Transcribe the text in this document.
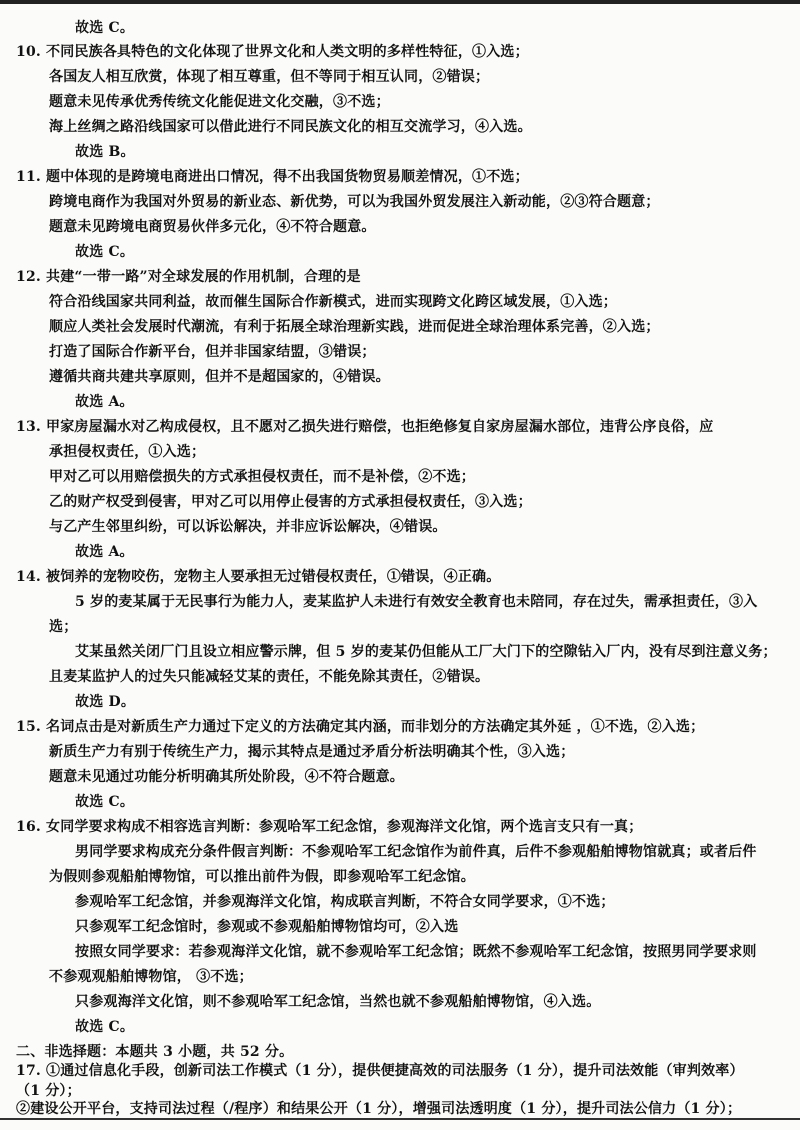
故选 C。
10. 不同民族各具特色的文化体现了世界文化和人类文明的多样性特征，①入选；
各国友人相互欣赏，体现了相互尊重，但不等同于相互认同，②错误；
题意未见传承优秀传统文化能促进文化交融，③不选；
海上丝绸之路沿线国家可以借此进行不同民族文化的相互交流学习，④入选。
故选 B。
11. 题中体现的是跨境电商进出口情况，得不出我国货物贸易顺差情况，①不选；
跨境电商作为我国对外贸易的新业态、新优势，可以为我国外贸发展注入新动能，②③符合题意；
题意未见跨境电商贸易伙伴多元化，④不符合题意。
故选 C。
12. 共建“一带一路”对全球发展的作用机制，合理的是
符合沿线国家共同利益，故而催生国际合作新模式，进而实现跨文化跨区域发展，①入选；
顺应人类社会发展时代潮流，有利于拓展全球治理新实践，进而促进全球治理体系完善，②入选；
打造了国际合作新平台，但并非国家结盟，③错误；
遵循共商共建共享原则，但并不是超国家的，④错误。
故选 A。
13. 甲家房屋漏水对乙构成侵权，且不愿对乙损失进行赔偿，也拒绝修复自家房屋漏水部位，违背公序良俗，应
承担侵权责任，①入选；
甲对乙可以用赔偿损失的方式承担侵权责任，而不是补偿，②不选；
乙的财产权受到侵害，甲对乙可以用停止侵害的方式承担侵权责任，③入选；
与乙产生邻里纠纷，可以诉讼解决，并非应诉讼解决，④错误。
故选 A。
14. 被饲养的宠物咬伤，宠物主人要承担无过错侵权责任，①错误，④正确。
5 岁的麦某属于无民事行为能力人，麦某监护人未进行有效安全教育也未陪同，存在过失，需承担责任，③入
选；
艾某虽然关闭厂门且设立相应警示牌，但 5 岁的麦某仍但能从工厂大门下的空隙钻入厂内，没有尽到注意义务；
且麦某监护人的过失只能减轻艾某的责任，不能免除其责任，②错误。
故选 D。
15. 名词点击是对新质生产力通过下定义的方法确定其内涵，而非划分的方法确定其外延 ，①不选，②入选；
新质生产力有别于传统生产力，揭示其特点是通过矛盾分析法明确其个性，③入选；
题意未见通过功能分析明确其所处阶段，④不符合题意。
故选 C。
16. 女同学要求构成不相容选言判断：参观哈军工纪念馆，参观海洋文化馆，两个选言支只有一真；
男同学要求构成充分条件假言判断：不参观哈军工纪念馆作为前件真，后件不参观船舶博物馆就真；或者后件
为假则参观船舶博物馆，可以推出前件为假，即参观哈军工纪念馆。
参观哈军工纪念馆，并参观海洋文化馆，构成联言判断，不符合女同学要求，①不选；
只参观军工纪念馆时，参观或不参观船舶博物馆均可，②入选
按照女同学要求：若参观海洋文化馆，就不参观哈军工纪念馆；既然不参观哈军工纪念馆，按照男同学要求则
不参观观船舶博物馆， ③不选；
只参观海洋文化馆，则不参观哈军工纪念馆，当然也就不参观船舶博物馆，④入选。
故选 C。
二、非选择题：本题共 3 小题，共 52 分。
17. ①通过信息化手段，创新司法工作模式（1 分），提供便捷高效的司法服务（1 分），提升司法效能（审判效率）
（1 分）；
②建设公开平台，支持司法过程（/程序）和结果公开（1 分），增强司法透明度（1 分），提升司法公信力（1 分）；
